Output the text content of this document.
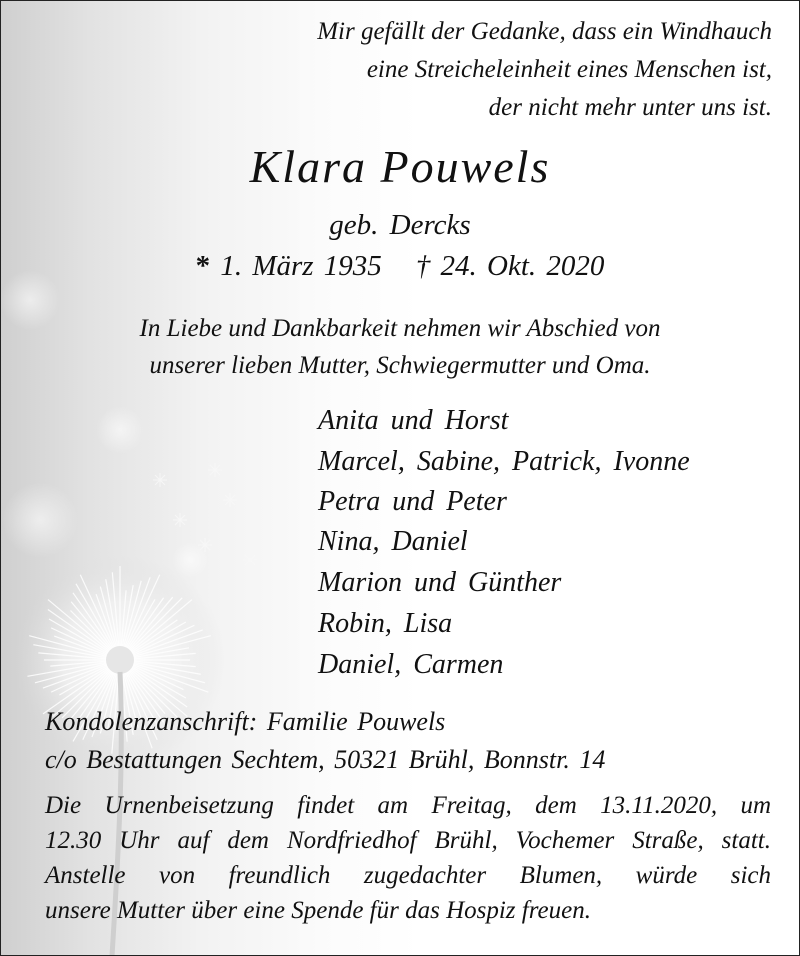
Mir gefällt der Gedanke, dass ein Windhauch
eine Streicheleinheit eines Menschen ist,
der nicht mehr unter uns ist.
Klara Pouwels
geb. Dercks
* 1. März 1935 † 24. Okt. 2020
In Liebe und Dankbarkeit nehmen wir Abschied von
unserer lieben Mutter, Schwiegermutter und Oma.
Anita und Horst
Marcel, Sabine, Patrick, Ivonne
Petra und Peter
Nina, Daniel
Marion und Günther
Robin, Lisa
Daniel, Carmen
Kondolenzanschrift: Familie Pouwels
c/o Bestattungen Sechtem, 50321 Brühl, Bonnstr. 14
Die Urnenbeisetzung findet am Freitag, dem 13.11.2020, um
12.30 Uhr auf dem Nordfriedhof Brühl, Vochemer Straße, statt.
Anstelle von freundlich zugedachter Blumen, würde sich
unsere Mutter über eine Spende für das Hospiz freuen.
